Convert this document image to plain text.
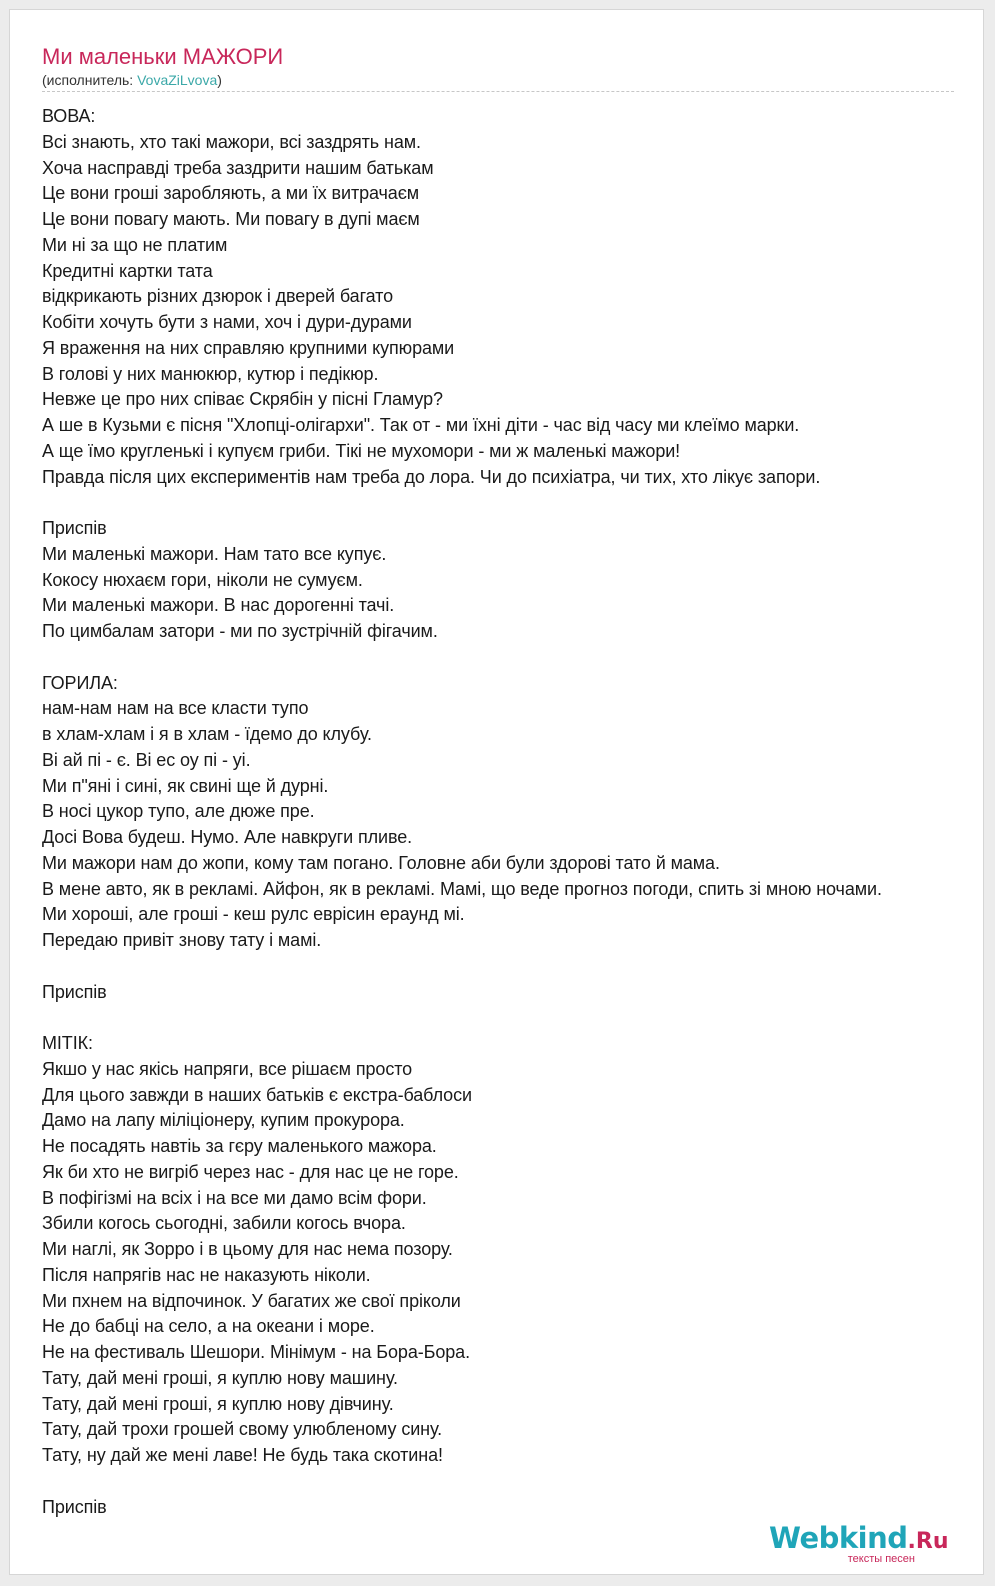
Ми маленьки МАЖОРИ
(исполнитель: VovaZiLvova)
ВОВА:
Всі знають, хто такі мажори, всі заздрять нам.
Хоча насправді треба заздрити нашим батькам
Це вони гроші заробляють, а ми їх витрачаєм
Це вони повагу мають. Ми повагу в дупі маєм
Ми ні за що не платим
Кредитні картки тата
відкрикають різних дзюрок і дверей багато
Кобіти хочуть бути з нами, хоч і дури-дурами
Я враження на них справляю крупними купюрами
В голові у них манюкюр, кутюр і педікюр.
Невже це про них співає Скрябін у пісні Гламур?
А ше в Кузьми є пісня "Хлопці-олігархи". Так от - ми їхні діти - час від часу ми клеїмо марки.
А ще їмо кругленькі і купуєм гриби. Тікі не мухомори - ми ж маленькі мажори!
Правда після цих експериментів нам треба до лора. Чи до психіатра, чи тих, хто лікує запори.
Приспів
Ми маленькі мажори. Нам тато все купує.
Кокосу нюхаєм гори, ніколи не сумуєм.
Ми маленькі мажори. В нас дорогенні тачі.
По цимбалам затори - ми по зустрічній фігачим.
ГОРИЛА:
нам-нам нам на все класти тупо
в хлам-хлам і я в хлам - їдемо до клубу.
Ві ай пі - є. Ві ес оу пі - уі.
Ми п"яні і сині, як свині ще й дурні.
В носі цукор тупо, але дюже пре.
Досі Вова будеш. Нумо. Але навкруги пливе.
Ми мажори нам до жопи, кому там погано. Головне аби були здорові тато й мама.
В мене авто, як в рекламі. Айфон, як в рекламі. Мамі, що веде прогноз погоди, спить зі мною ночами.
Ми хороші, але гроші - кеш рулс еврісин ераунд мі.
Передаю привіт знову тату і мамі.
Приспів
МІТІК:
Якшо у нас якісь напряги, все рішаєм просто
Для цього завжди в наших батьків є екстра-баблоси
Дамо на лапу міліціонеру, купим прокурора.
Не посадять навтіь за гєру маленького мажора.
Як би хто не вигріб через нас - для нас це не горе.
В пофігізмі на всіх і на все ми дамо всім фори.
Збили когось сьогодні, забили когось вчора.
Ми наглі, як Зорро і в цьому для нас нема позору.
Після напрягів нас не наказують ніколи.
Ми пхнем на відпочинок. У багатих же свої пріколи
Не до бабці на село, а на океани і море.
Не на фестиваль Шешори. Мінімум - на Бора-Бора.
Тату, дай мені гроші, я куплю нову машину.
Тату, дай мені гроші, я куплю нову дівчину.
Тату, дай трохи грошей свому улюбленому сину.
Тату, ну дай же мені лаве! Не будь така скотина!
Приспів
Webkind.Ru
тексты песен
